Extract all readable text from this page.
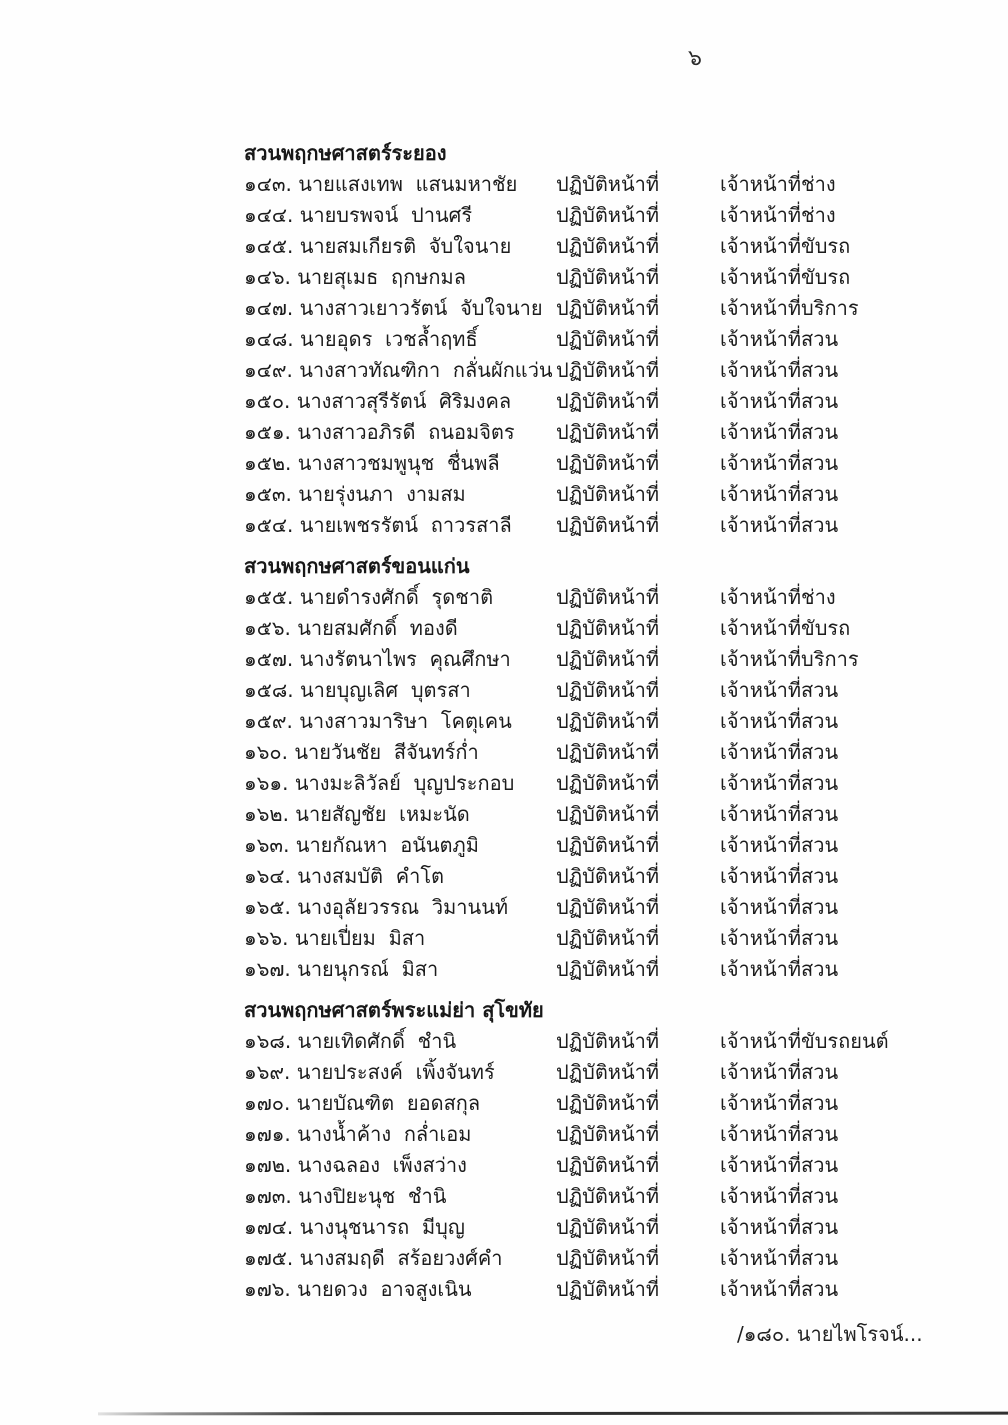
๖
สวนพฤกษศาสตร์ระยอง
๑๔๓. นายแสงเทพ  แสนมหาชัย	ปฏิบัติหน้าที่	เจ้าหน้าที่ช่าง
๑๔๔. นายบรพจน์  ปานศรี	ปฏิบัติหน้าที่	เจ้าหน้าที่ช่าง
๑๔๕. นายสมเกียรติ  จับใจนาย	ปฏิบัติหน้าที่	เจ้าหน้าที่ขับรถ
๑๔๖. นายสุเมธ  ฤกษกมล	ปฏิบัติหน้าที่	เจ้าหน้าที่ขับรถ
๑๔๗. นางสาวเยาวรัตน์  จับใจนาย ปฏิบัติหน้าที่	เจ้าหน้าที่บริการ
๑๔๘. นายอุดร  เวชล้ำฤทธิ์	ปฏิบัติหน้าที่	เจ้าหน้าที่สวน
๑๔๙. นางสาวทัณฑิกา  กลั่นผักแว่น ปฏิบัติหน้าที่	เจ้าหน้าที่สวน
๑๕๐. นางสาวสุรีรัตน์  ศิริมงคล	ปฏิบัติหน้าที่	เจ้าหน้าที่สวน
๑๕๑. นางสาวอภิรดี  ถนอมจิตร	ปฏิบัติหน้าที่	เจ้าหน้าที่สวน
๑๕๒. นางสาวชมพูนุช  ชื่นพลี	ปฏิบัติหน้าที่	เจ้าหน้าที่สวน
๑๕๓. นายรุ่งนภา  งามสม	ปฏิบัติหน้าที่	เจ้าหน้าที่สวน
๑๕๔. นายเพชรรัตน์  ถาวรสาลี	ปฏิบัติหน้าที่	เจ้าหน้าที่สวน
สวนพฤกษศาสตร์ขอนแก่น
๑๕๕. นายดำรงศักดิ์  รุดชาติ	ปฏิบัติหน้าที่	เจ้าหน้าที่ช่าง
๑๕๖. นายสมศักดิ์  ทองดี	ปฏิบัติหน้าที่	เจ้าหน้าที่ขับรถ
๑๕๗. นางรัตนาไพร  คุณศึกษา	ปฏิบัติหน้าที่	เจ้าหน้าที่บริการ
๑๕๘. นายบุญเลิศ  บุตรสา	ปฏิบัติหน้าที่	เจ้าหน้าที่สวน
๑๕๙. นางสาวมาริษา  โคตุเคน	ปฏิบัติหน้าที่	เจ้าหน้าที่สวน
๑๖๐. นายวันชัย  สีจันทร์ก่ำ	ปฏิบัติหน้าที่	เจ้าหน้าที่สวน
๑๖๑. นางมะลิวัลย์  บุญประกอบ	ปฏิบัติหน้าที่	เจ้าหน้าที่สวน
๑๖๒. นายสัญชัย  เหมะนัด	ปฏิบัติหน้าที่	เจ้าหน้าที่สวน
๑๖๓. นายกัณหา  อนันตภูมิ	ปฏิบัติหน้าที่	เจ้าหน้าที่สวน
๑๖๔. นางสมบัติ  คำโต	ปฏิบัติหน้าที่	เจ้าหน้าที่สวน
๑๖๕. นางอุลัยวรรณ  วิมานนท์	ปฏิบัติหน้าที่	เจ้าหน้าที่สวน
๑๖๖. นายเปี่ยม  มิสา	ปฏิบัติหน้าที่	เจ้าหน้าที่สวน
๑๖๗. นายนุกรณ์  มิสา	ปฏิบัติหน้าที่	เจ้าหน้าที่สวน
สวนพฤกษศาสตร์พระแม่ย่า สุโขทัย
๑๖๘. นายเทิดศักดิ์  ชำนิ	ปฏิบัติหน้าที่	เจ้าหน้าที่ขับรถยนต์
๑๖๙. นายประสงค์  เพิ้งจันทร์	ปฏิบัติหน้าที่	เจ้าหน้าที่สวน
๑๗๐. นายบัณฑิต  ยอดสกุล	ปฏิบัติหน้าที่	เจ้าหน้าที่สวน
๑๗๑. นางน้ำค้าง  กล่ำเอม	ปฏิบัติหน้าที่	เจ้าหน้าที่สวน
๑๗๒. นางฉลอง  เพ็งสว่าง	ปฏิบัติหน้าที่	เจ้าหน้าที่สวน
๑๗๓. นางปิยะนุช  ชำนิ	ปฏิบัติหน้าที่	เจ้าหน้าที่สวน
๑๗๔. นางนุชนารถ  มีบุญ	ปฏิบัติหน้าที่	เจ้าหน้าที่สวน
๑๗๕. นางสมฤดี  สร้อยวงศ์คำ	ปฏิบัติหน้าที่	เจ้าหน้าที่สวน
๑๗๖. นายดวง  อาจสูงเนิน	ปฏิบัติหน้าที่	เจ้าหน้าที่สวน
/๑๘๐. นายไพโรจน์...
